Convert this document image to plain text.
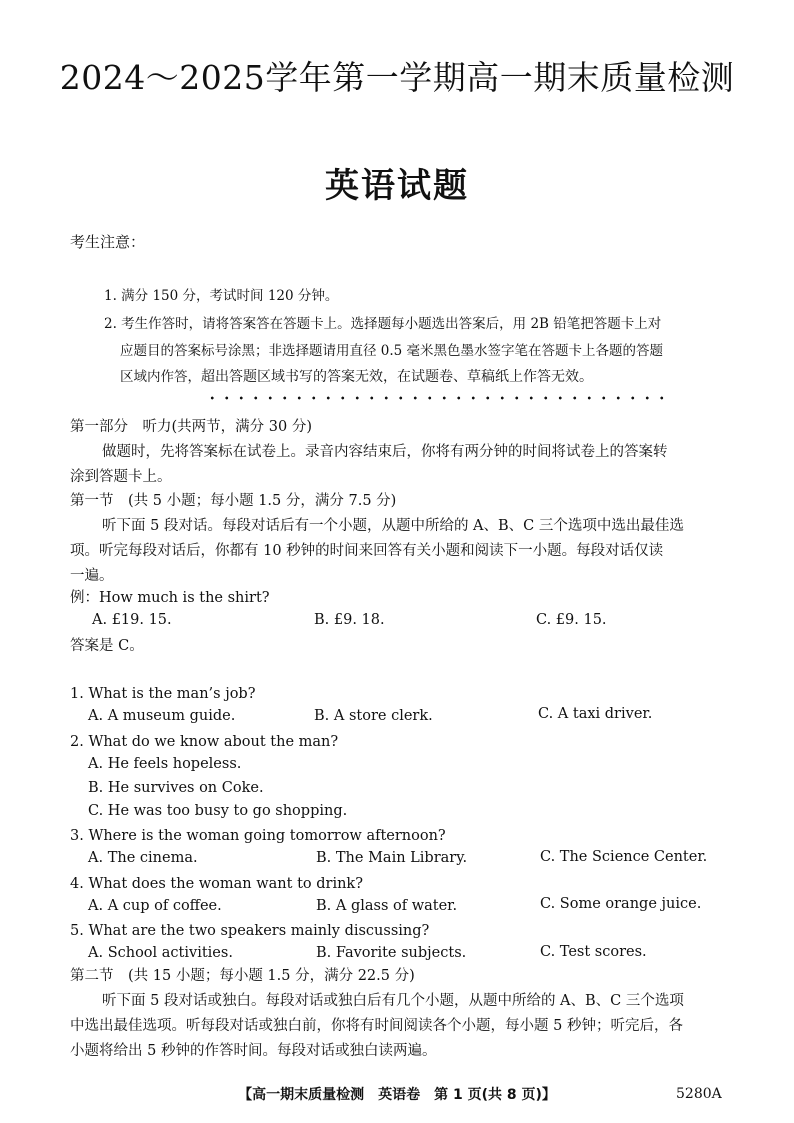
2024～2025学年第一学期高一期末质量检测
英语试题
考生注意：
1. 满分 150 分，考试时间 120 分钟。
2. 考生作答时，请将答案答在答题卡上。选择题每小题选出答案后，用 2B 铅笔把答题卡上对
应题目的答案标号涂黑；非选择题请用直径 0.5 毫米黑色墨水签字笔在答题卡上各题的答题
区域内作答，超出答题区域书写的答案无效，在试题卷、草稿纸上作答无效。
第一部分　听力(共两节，满分 30 分)
做题时，先将答案标在试卷上。录音内容结束后，你将有两分钟的时间将试卷上的答案转
涂到答题卡上。
第一节　(共 5 小题；每小题 1.5 分，满分 7.5 分)
听下面 5 段对话。每段对话后有一个小题，从题中所给的 A、B、C 三个选项中选出最佳选
项。听完每段对话后，你都有 10 秒钟的时间来回答有关小题和阅读下一小题。每段对话仅读
一遍。
例：How much is the shirt?
A. £19. 15.	B. £9. 18.	C. £9. 15.
答案是 C。
1. What is the man’s job?
A. A museum guide.	B. A store clerk.	C. A taxi driver.
2. What do we know about the man?
A. He feels hopeless.
B. He survives on Coke.
C. He was too busy to go shopping.
3. Where is the woman going tomorrow afternoon?
A. The cinema.	B. The Main Library.	C. The Science Center.
4. What does the woman want to drink?
A. A cup of coffee.	B. A glass of water.	C. Some orange juice.
5. What are the two speakers mainly discussing?
A. School activities.	B. Favorite subjects.	C. Test scores.
第二节　(共 15 小题；每小题 1.5 分，满分 22.5 分)
听下面 5 段对话或独白。每段对话或独白后有几个小题，从题中所给的 A、B、C 三个选项
中选出最佳选项。听每段对话或独白前，你将有时间阅读各个小题，每小题 5 秒钟；听完后，各
小题将给出 5 秒钟的作答时间。每段对话或独白读两遍。
【高一期末质量检测　英语卷　第 1 页(共 8 页)】	5280A
